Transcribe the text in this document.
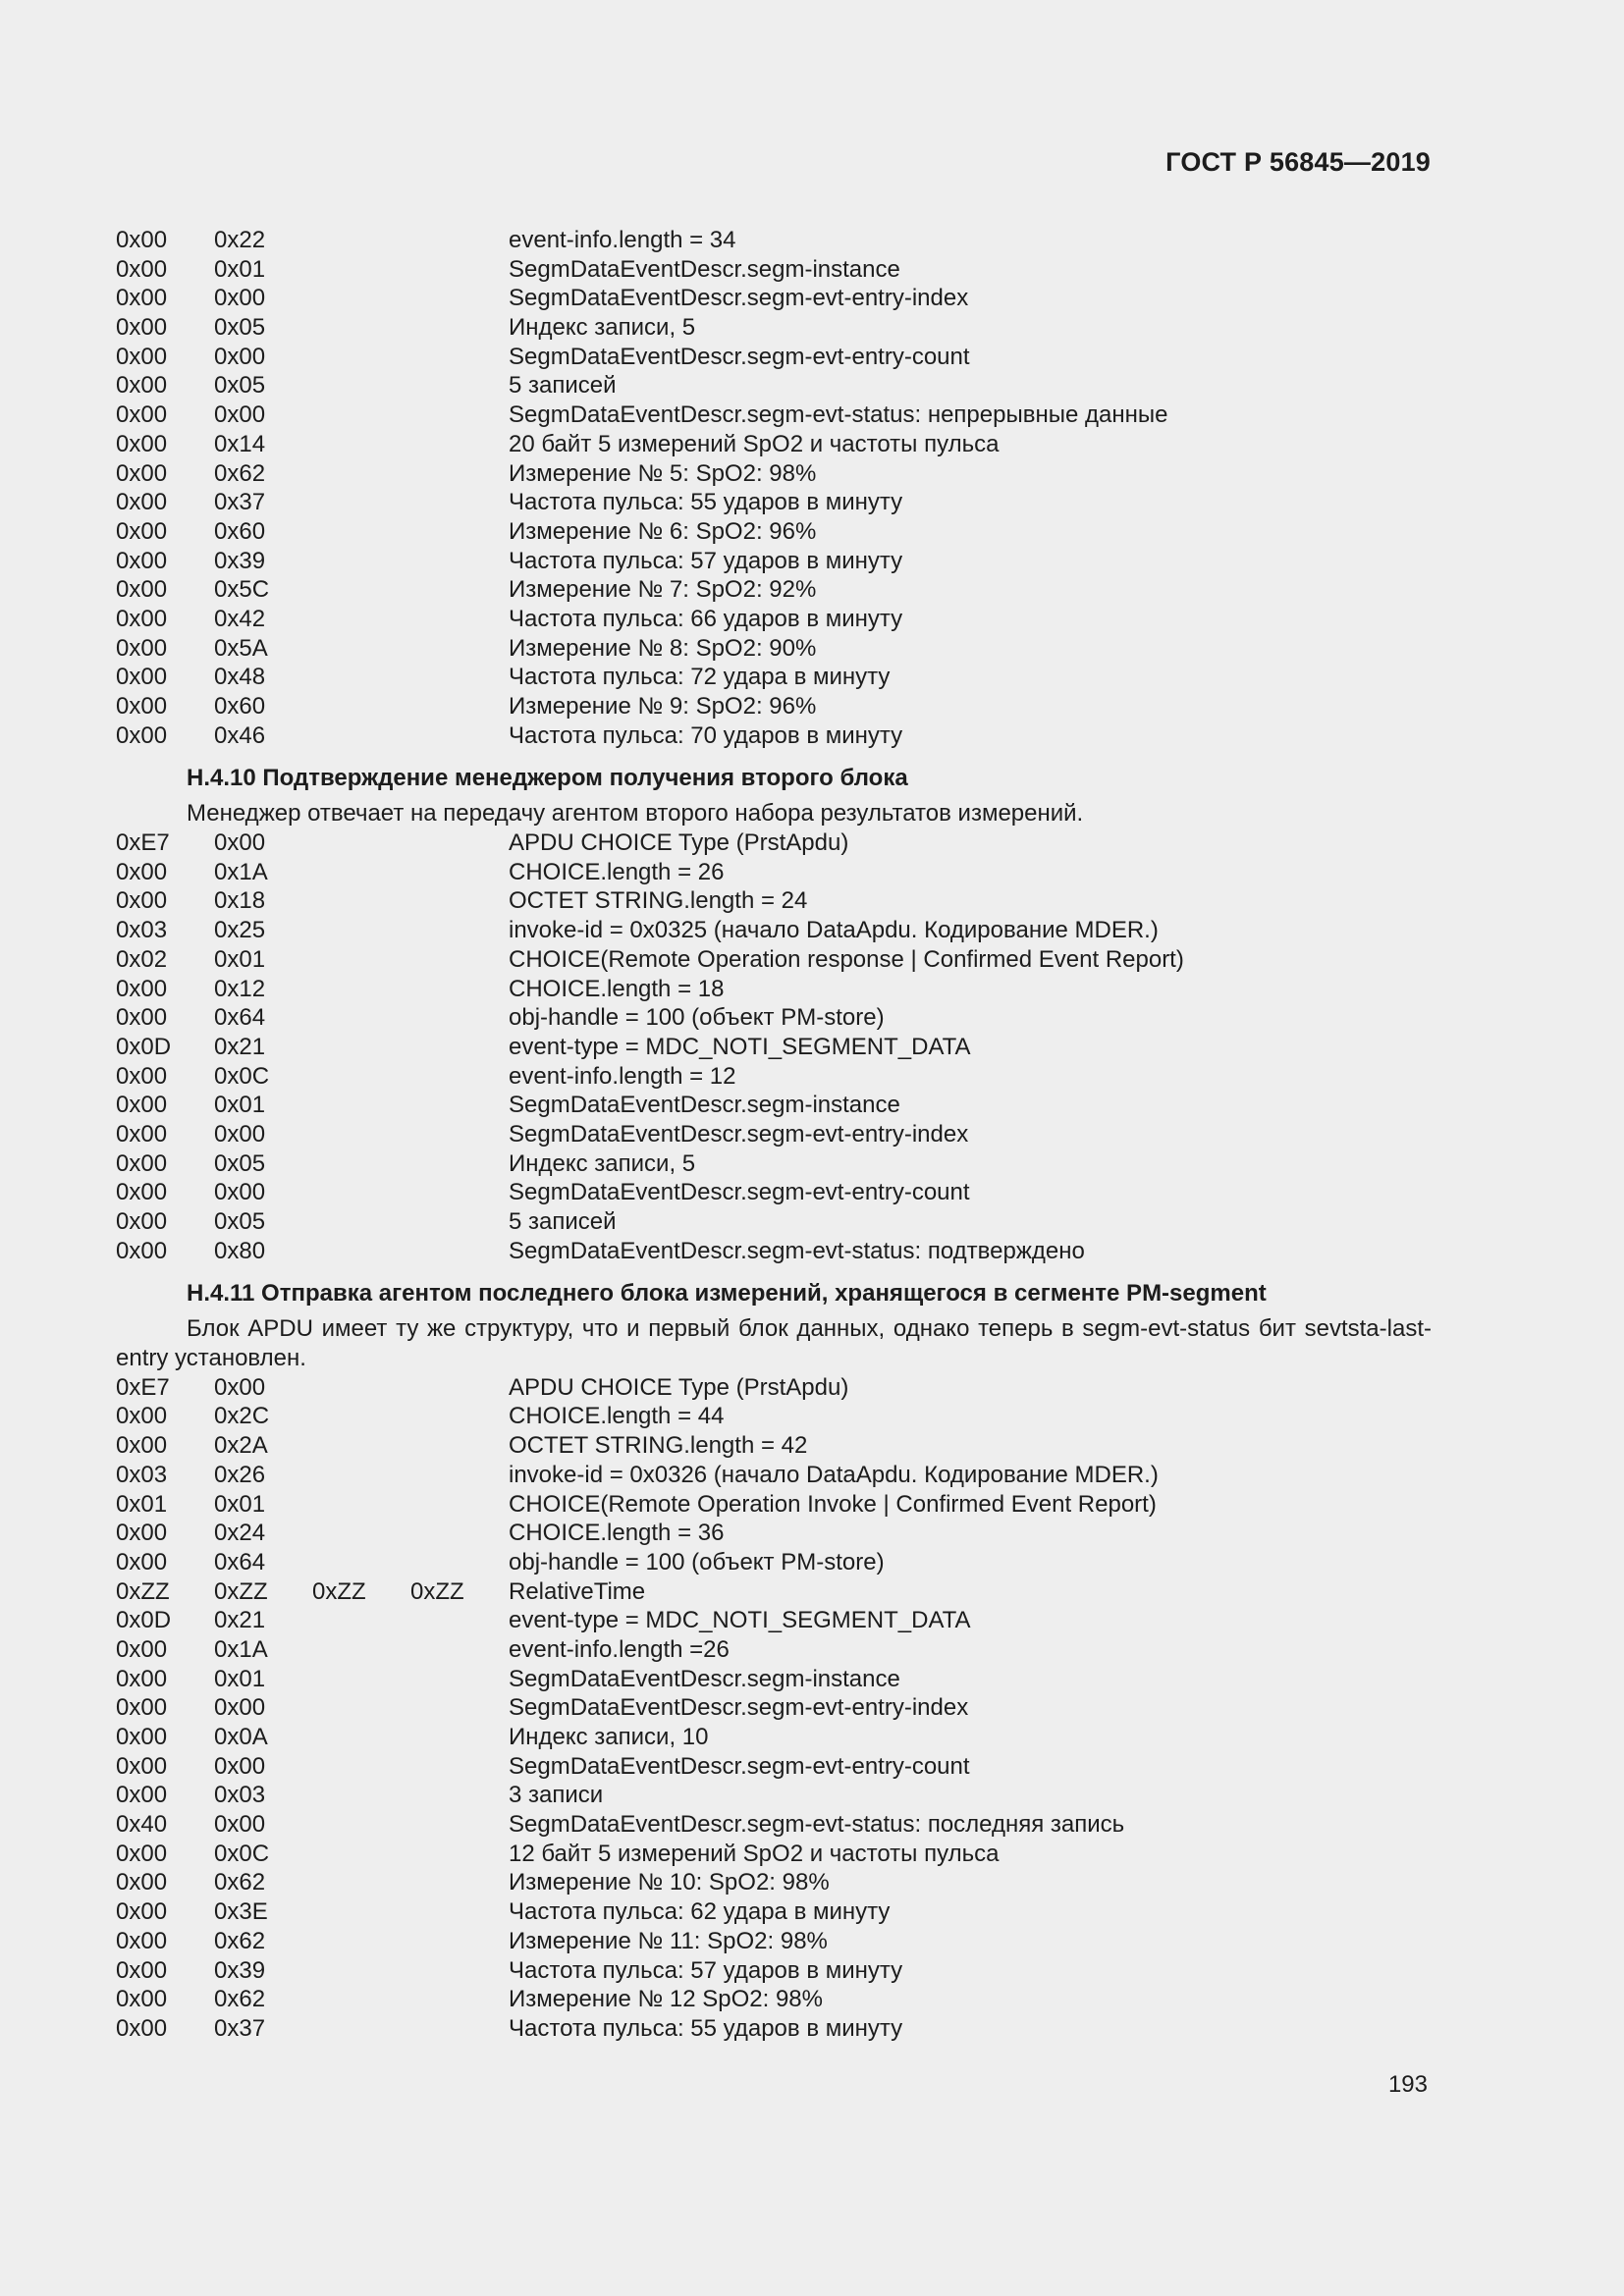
ГОСТ Р 56845—2019
0x00 0x22	event-info.length = 34
0x00 0x01	SegmDataEventDescr.segm-instance
0x00 0x00	SegmDataEventDescr.segm-evt-entry-index
0x00 0x05	Индекс записи, 5
0x00 0x00	SegmDataEventDescr.segm-evt-entry-count
0x00 0x05	5 записей
0x00 0x00	SegmDataEventDescr.segm-evt-status: непрерывные данные
0x00 0x14	20 байт 5 измерений SpO2 и частоты пульса
0x00 0x62	Измерение № 5: SpO2: 98%
0x00 0x37	Частота пульса: 55 ударов в минуту
0x00 0x60	Измерение № 6: SpO2: 96%
0x00 0x39	Частота пульса: 57 ударов в минуту
0x00 0x5C	Измерение № 7: SpO2: 92%
0x00 0x42	Частота пульса: 66 ударов в минуту
0x00 0x5A	Измерение № 8: SpO2: 90%
0x00 0x48	Частота пульса: 72 удара в минуту
0x00 0x60	Измерение № 9: SpO2: 96%
0x00 0x46	Частота пульса: 70 ударов в минуту
Н.4.10 Подтверждение менеджером получения второго блока
Менеджер отвечает на передачу агентом второго набора результатов измерений.
0xE7 0x00	APDU CHOICE Type (PrstApdu)
0x00 0x1A	CHOICE.length = 26
0x00 0x18	OCTET STRING.length = 24
0x03 0x25	invoke-id = 0x0325 (начало DataApdu. Кодирование MDER.)
0x02 0x01	CHOICE(Remote Operation response | Confirmed Event Report)
0x00 0x12	CHOICE.length = 18
0x00 0x64	obj-handle = 100 (объект PM-store)
0x0D 0x21	event-type = MDC_NOTI_SEGMENT_DATA
0x00 0x0C	event-info.length = 12
0x00 0x01	SegmDataEventDescr.segm-instance
0x00 0x00	SegmDataEventDescr.segm-evt-entry-index
0x00 0x05	Индекс записи, 5
0x00 0x00	SegmDataEventDescr.segm-evt-entry-count
0x00 0x05	5 записей
0x00 0x80	SegmDataEventDescr.segm-evt-status: подтверждено
Н.4.11 Отправка агентом последнего блока измерений, хранящегося в сегменте PM-segment
Блок APDU имеет ту же структуру, что и первый блок данных, однако теперь в segm-evt-status бит sevtsta-last-entry установлен.
0xE7 0x00	APDU CHOICE Type (PrstApdu)
0x00 0x2C	CHOICE.length = 44
0x00 0x2A	OCTET STRING.length = 42
0x03 0x26	invoke-id = 0x0326 (начало DataApdu. Кодирование MDER.)
0x01 0x01	CHOICE(Remote Operation Invoke | Confirmed Event Report)
0x00 0x24	CHOICE.length = 36
0x00 0x64	obj-handle = 100 (объект PM-store)
0xZZ 0xZZ 0xZZ 0xZZ RelativeTime
0x0D 0x21	event-type = MDC_NOTI_SEGMENT_DATA
0x00 0x1A	event-info.length =26
0x00 0x01	SegmDataEventDescr.segm-instance
0x00 0x00	SegmDataEventDescr.segm-evt-entry-index
0x00 0x0A	Индекс записи, 10
0x00 0x00	SegmDataEventDescr.segm-evt-entry-count
0x00 0x03	3 записи
0x40 0x00	SegmDataEventDescr.segm-evt-status: последняя запись
0x00 0x0C	12 байт 5 измерений SpO2 и частоты пульса
0x00 0x62	Измерение № 10: SpO2: 98%
0x00 0x3E	Частота пульса: 62 удара в минуту
0x00 0x62	Измерение № 11: SpO2: 98%
0x00 0x39	Частота пульса: 57 ударов в минуту
0x00 0x62	Измерение № 12 SpO2: 98%
0x00 0x37	Частота пульса: 55 ударов в минуту
193
